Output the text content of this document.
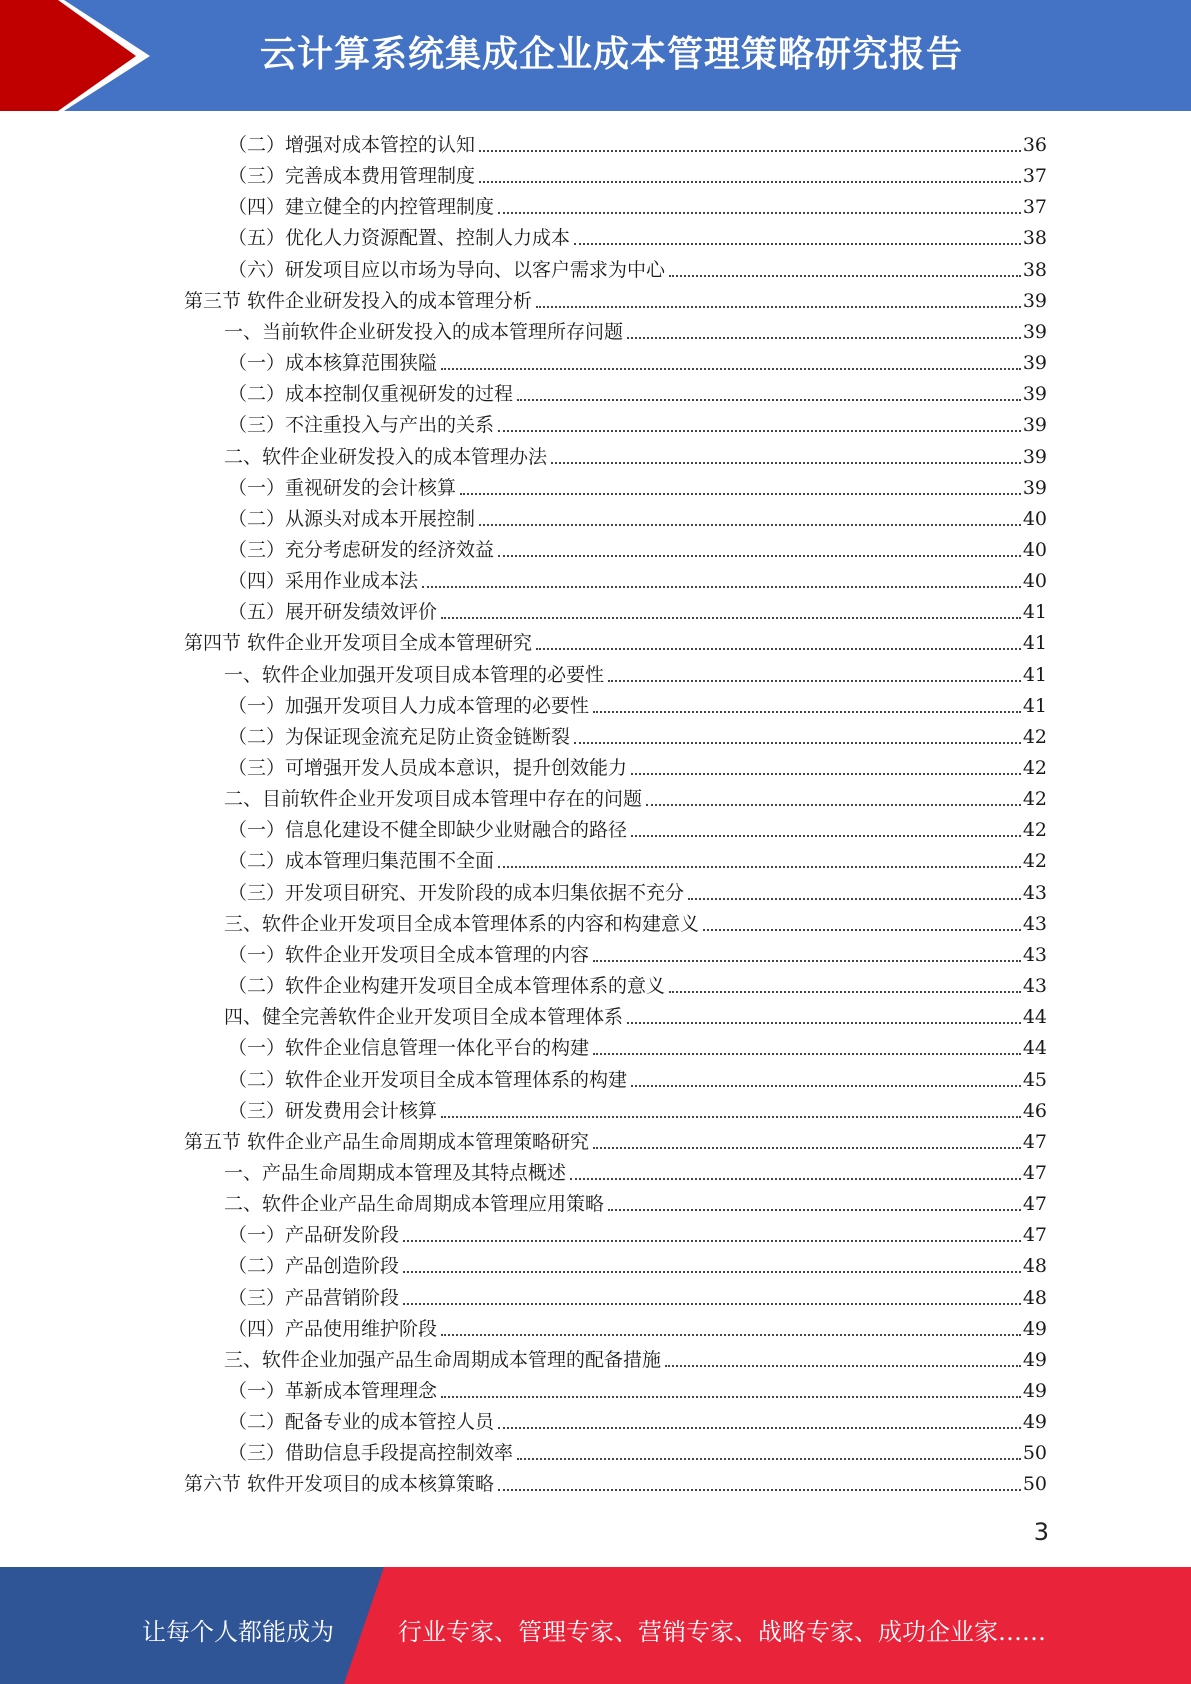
云计算系统集成企业成本管理策略研究报告
（二）增强对成本管控的认知	36
（三）完善成本费用管理制度	37
（四）建立健全的内控管理制度	37
（五）优化人力资源配置、控制人力成本	38
（六）研发项目应以市场为导向、以客户需求为中心	38
第三节 软件企业研发投入的成本管理分析	39
一、当前软件企业研发投入的成本管理所存问题	39
（一）成本核算范围狭隘	39
（二）成本控制仅重视研发的过程	39
（三）不注重投入与产出的关系	39
二、软件企业研发投入的成本管理办法	39
（一）重视研发的会计核算	39
（二）从源头对成本开展控制	40
（三）充分考虑研发的经济效益	40
（四）采用作业成本法	40
（五）展开研发绩效评价	41
第四节 软件企业开发项目全成本管理研究	41
一、软件企业加强开发项目成本管理的必要性	41
（一）加强开发项目人力成本管理的必要性	41
（二）为保证现金流充足防止资金链断裂	42
（三）可增强开发人员成本意识，提升创效能力	42
二、目前软件企业开发项目成本管理中存在的问题	42
（一）信息化建设不健全即缺少业财融合的路径	42
（二）成本管理归集范围不全面	42
（三）开发项目研究、开发阶段的成本归集依据不充分	43
三、软件企业开发项目全成本管理体系的内容和构建意义	43
（一）软件企业开发项目全成本管理的内容	43
（二）软件企业构建开发项目全成本管理体系的意义	43
四、健全完善软件企业开发项目全成本管理体系	44
（一）软件企业信息管理一体化平台的构建	44
（二）软件企业开发项目全成本管理体系的构建	45
（三）研发费用会计核算	46
第五节 软件企业产品生命周期成本管理策略研究	47
一、产品生命周期成本管理及其特点概述	47
二、软件企业产品生命周期成本管理应用策略	47
（一）产品研发阶段	47
（二）产品创造阶段	48
（三）产品营销阶段	48
（四）产品使用维护阶段	49
三、软件企业加强产品生命周期成本管理的配备措施	49
（一）革新成本管理理念	49
（二）配备专业的成本管控人员	49
（三）借助信息手段提高控制效率	50
第六节 软件开发项目的成本核算策略	50
3
让每个人都能成为	行业专家、管理专家、营销专家、战略专家、成功企业家……
